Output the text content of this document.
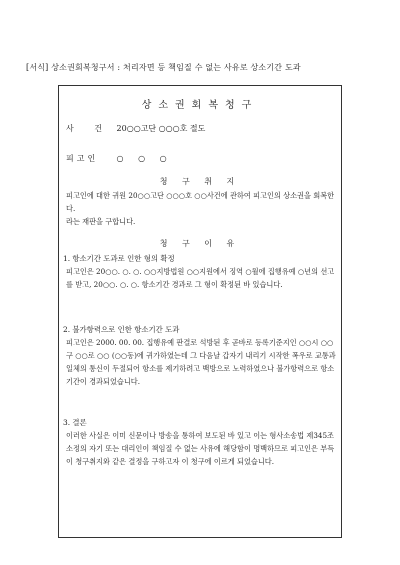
[서식] 상소권회복청구서 : 처리자면 등 책임질 수 없는 사유로 상소기간 도과
상소권회복청구
사 건 20○○고단 ○○○호 절도
피고인 ○ ○ ○
청 구 취 지

피고인에 대한 귀원 20○○고단 ○○○호 ○○사건에 관하여 피고인의 상소권을 회복한다.

라는 재판을 구합니다.

청 구 이 유
1. 항소기간 도과로 인한 형의 확정

피고인은 20○○. ○. ○. ○○지방법원 ○○지원에서 징역 ○월에 집행유예 ○년의 선고를 받고, 20○○. ○. ○. 항소기간 경과로 그 형이 확정된 바 있습니다.

2. 불가항력으로 인한 항소기간 도과

피고인은 2000. 00. 00. 집행유예 판결로 석방된 후 곧바로 등록기준지인 ○○시 ○○구 ○○로 ○○ (○○동)에 귀가하였는데 그 다음날 갑자기 내리기 시작한 폭우로 교통과 일체의 통신이 두절되어 항소를 제기하려고 백방으로 노력하였으나 불가항력으로 항소기간이 경과되었습니다.

3. 결론

이러한 사실은 이미 신문이나 방송을 통하여 보도된 바 있고 이는 형사소송법 제345조 소정의 자기 또는 대리인이 책임질 수 없는 사유에 해당함이 명백하므로 피고인은 부득이 청구취지와 같은 결정을 구하고자 이 청구에 이르게 되었습니다.
